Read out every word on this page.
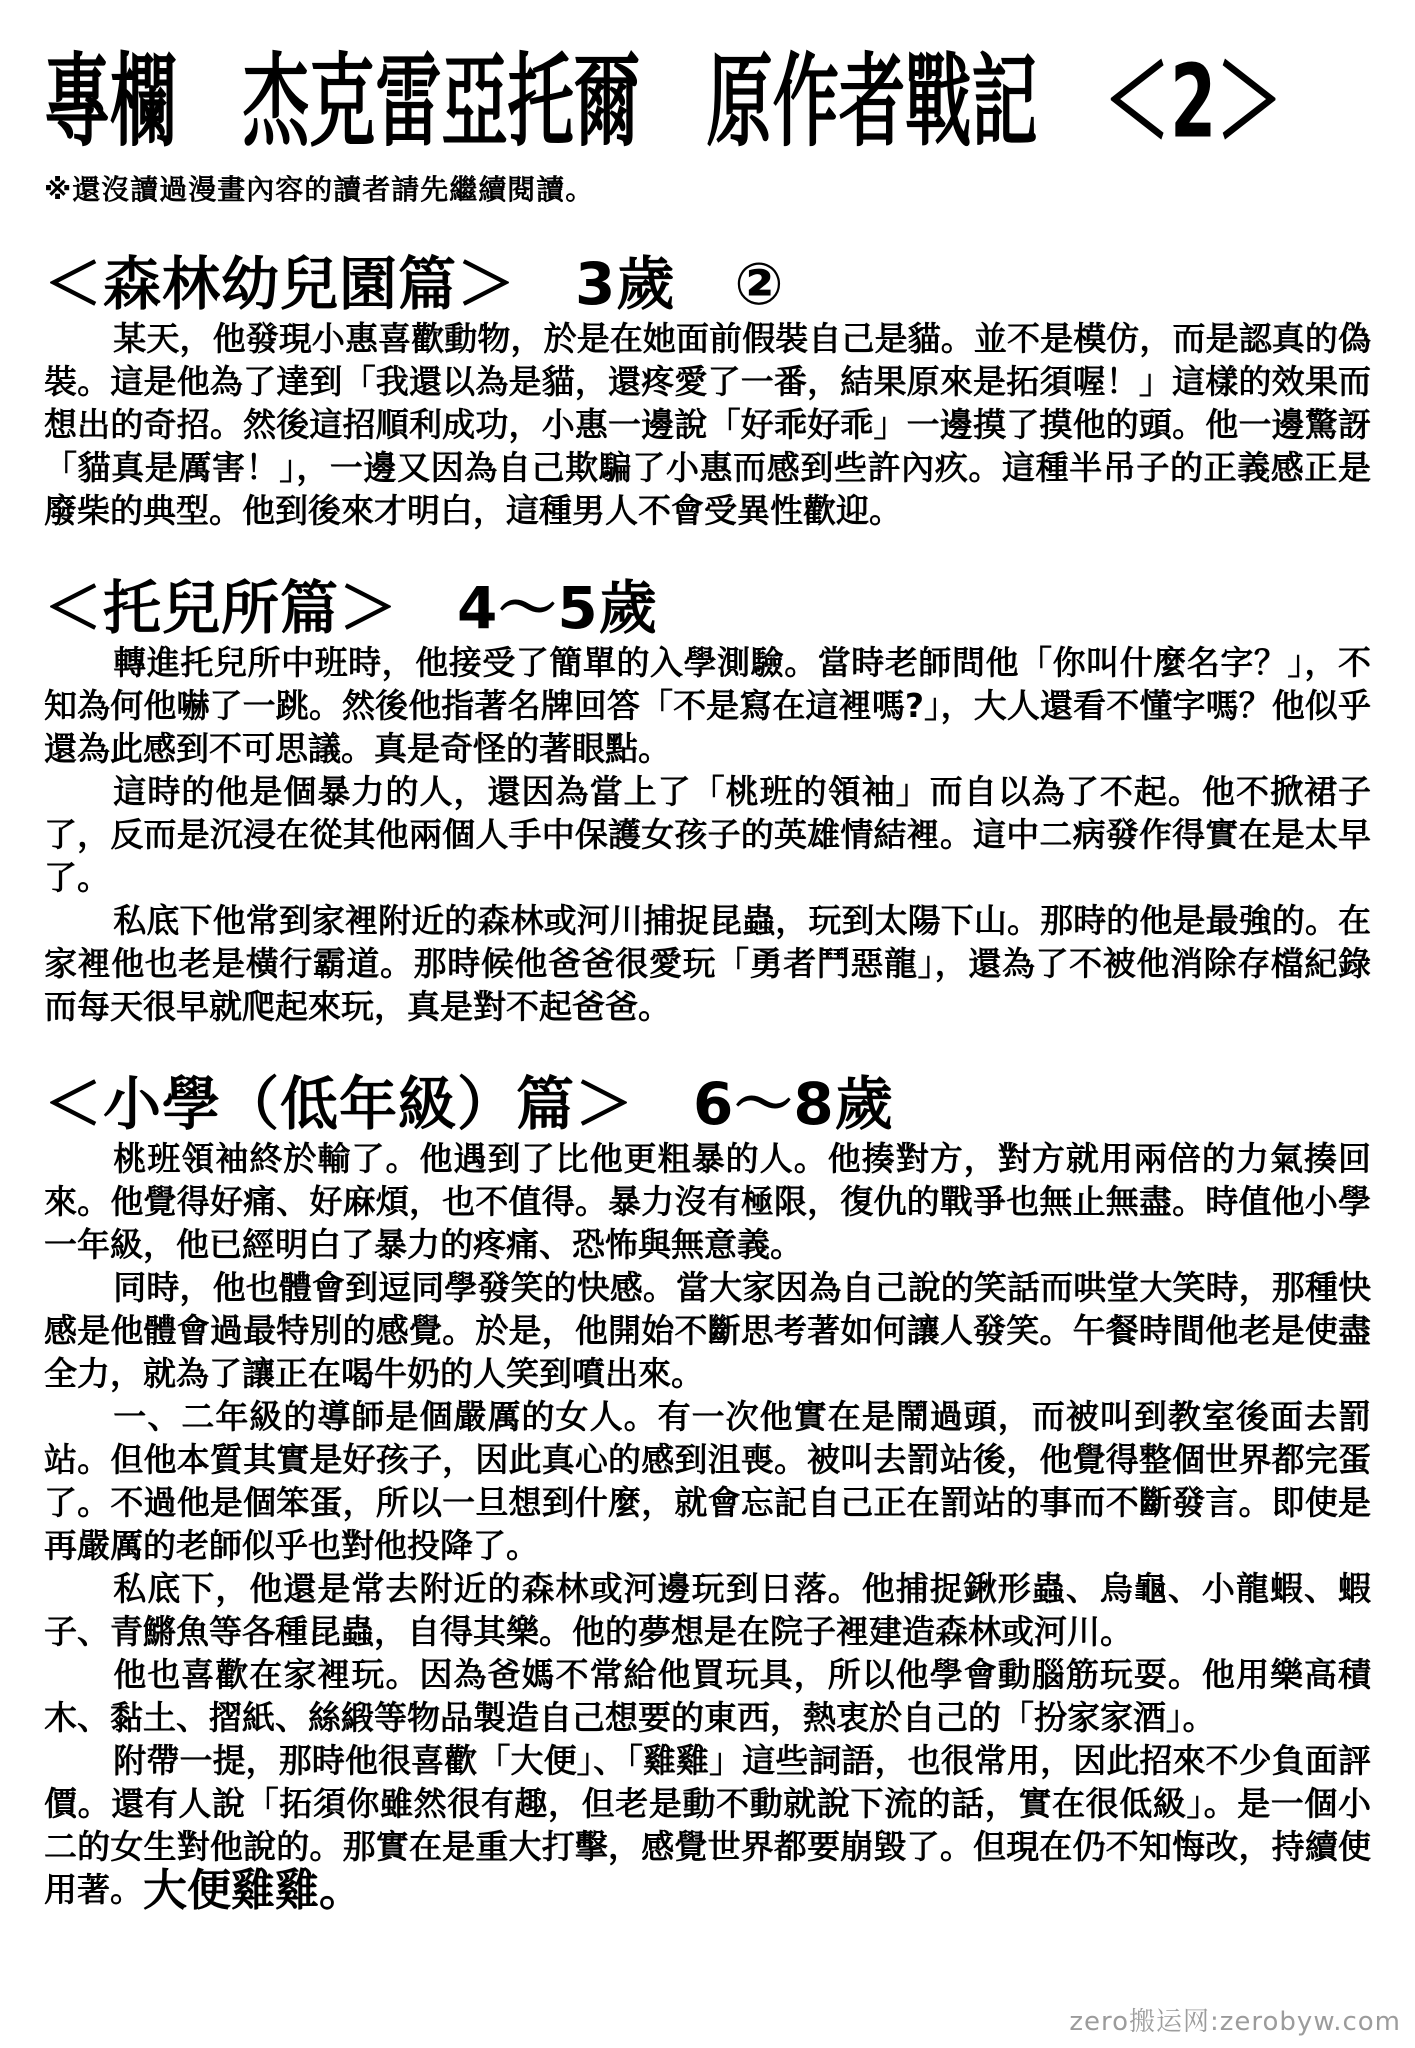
專欄　杰克雷亞托爾　原作者戰記　＜2＞
※還沒讀過漫畫內容的讀者請先繼續閱讀。
＜森林幼兒園篇＞　3歲　②

某天，他發現小惠喜歡動物，於是在她面前假裝自己是貓。並不是模仿，而是認真的偽裝。這是他為了達到「我還以為是貓，還疼愛了一番，結果原來是拓須喔！」這樣的效果而想出的奇招。然後這招順利成功，小惠一邊說「好乖好乖」一邊摸了摸他的頭。他一邊驚訝「貓真是厲害！」，一邊又因為自己欺騙了小惠而感到些許內疚。這種半吊子的正義感正是廢柴的典型。他到後來才明白，這種男人不會受異性歡迎。

＜托兒所篇＞　4～5歲

轉進托兒所中班時，他接受了簡單的入學測驗。當時老師問他「你叫什麼名字？」，不知為何他嚇了一跳。然後他指著名牌回答「不是寫在這裡嗎?」，大人還看不懂字嗎？他似乎還為此感到不可思議。真是奇怪的著眼點。

這時的他是個暴力的人，還因為當上了「桃班的領袖」而自以為了不起。他不掀裙子了，反而是沉浸在從其他兩個人手中保護女孩子的英雄情結裡。這中二病發作得實在是太早了。

私底下他常到家裡附近的森林或河川捕捉昆蟲，玩到太陽下山。那時的他是最強的。在家裡他也老是橫行霸道。那時候他爸爸很愛玩「勇者鬥惡龍」，還為了不被他消除存檔紀錄而每天很早就爬起來玩，真是對不起爸爸。

＜小學（低年級）篇＞　6～8歲

桃班領袖終於輸了。他遇到了比他更粗暴的人。他揍對方，對方就用兩倍的力氣揍回來。他覺得好痛、好麻煩，也不值得。暴力沒有極限，復仇的戰爭也無止無盡。時值他小學一年級，他已經明白了暴力的疼痛、恐怖與無意義。

同時，他也體會到逗同學發笑的快感。當大家因為自己說的笑話而哄堂大笑時，那種快感是他體會過最特別的感覺。於是，他開始不斷思考著如何讓人發笑。午餐時間他老是使盡全力，就為了讓正在喝牛奶的人笑到噴出來。

一、二年級的導師是個嚴厲的女人。有一次他實在是鬧過頭，而被叫到教室後面去罰站。但他本質其實是好孩子，因此真心的感到沮喪。被叫去罰站後，他覺得整個世界都完蛋了。不過他是個笨蛋，所以一旦想到什麼，就會忘記自己正在罰站的事而不斷發言。即使是再嚴厲的老師似乎也對他投降了。

私底下，他還是常去附近的森林或河邊玩到日落。他捕捉鍬形蟲、烏龜、小龍蝦、蝦子、青鱂魚等各種昆蟲，自得其樂。他的夢想是在院子裡建造森林或河川。

他也喜歡在家裡玩。因為爸媽不常給他買玩具，所以他學會動腦筋玩耍。他用樂高積木、黏土、摺紙、絲緞等物品製造自己想要的東西，熱衷於自己的「扮家家酒」。

附帶一提，那時他很喜歡「大便」、「雞雞」這些詞語，也很常用，因此招來不少負面評價。還有人說「拓須你雖然很有趣，但老是動不動就說下流的話，實在很低級」。是一個小二的女生對他說的。那實在是重大打擊，感覺世界都要崩毀了。但現在仍不知悔改，持續使用著。大便雞雞。

zero搬运网:zerobyw.com
